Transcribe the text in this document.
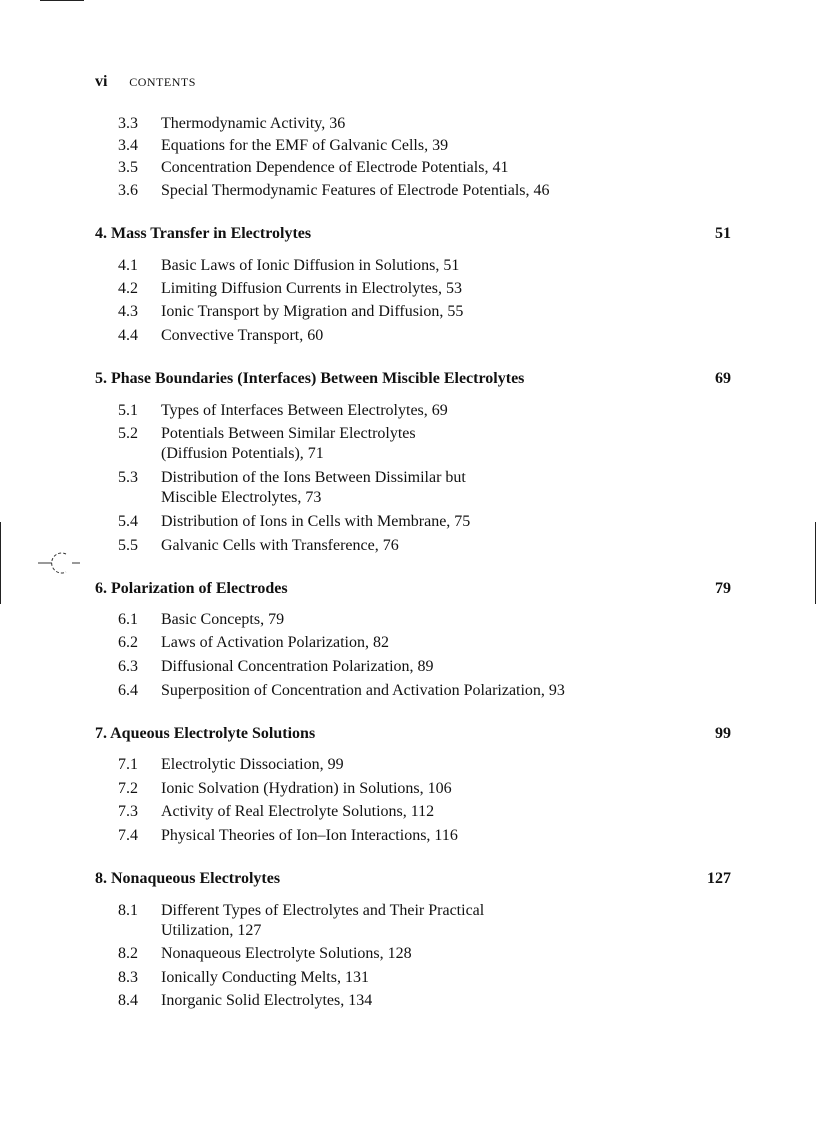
vi CONTENTS
3.3 Thermodynamic Activity, 36
3.4 Equations for the EMF of Galvanic Cells, 39
3.5 Concentration Dependence of Electrode Potentials, 41
3.6 Special Thermodynamic Features of Electrode Potentials, 46
4. Mass Transfer in Electrolytes	51
4.1 Basic Laws of Ionic Diffusion in Solutions, 51
4.2 Limiting Diffusion Currents in Electrolytes, 53
4.3 Ionic Transport by Migration and Diffusion, 55
4.4 Convective Transport, 60
5. Phase Boundaries (Interfaces) Between Miscible Electrolytes	69
5.1 Types of Interfaces Between Electrolytes, 69
5.2 Potentials Between Similar Electrolytes
(Diffusion Potentials), 71
5.3 Distribution of the Ions Between Dissimilar but
Miscible Electrolytes, 73
5.4 Distribution of Ions in Cells with Membrane, 75
5.5 Galvanic Cells with Transference, 76
6. Polarization of Electrodes	79
6.1 Basic Concepts, 79
6.2 Laws of Activation Polarization, 82
6.3 Diffusional Concentration Polarization, 89
6.4 Superposition of Concentration and Activation Polarization, 93
7. Aqueous Electrolyte Solutions	99
7.1 Electrolytic Dissociation, 99
7.2 Ionic Solvation (Hydration) in Solutions, 106
7.3 Activity of Real Electrolyte Solutions, 112
7.4 Physical Theories of Ion–Ion Interactions, 116
8. Nonaqueous Electrolytes	127
8.1 Different Types of Electrolytes and Their Practical
Utilization, 127
8.2 Nonaqueous Electrolyte Solutions, 128
8.3 Ionically Conducting Melts, 131
8.4 Inorganic Solid Electrolytes, 134
